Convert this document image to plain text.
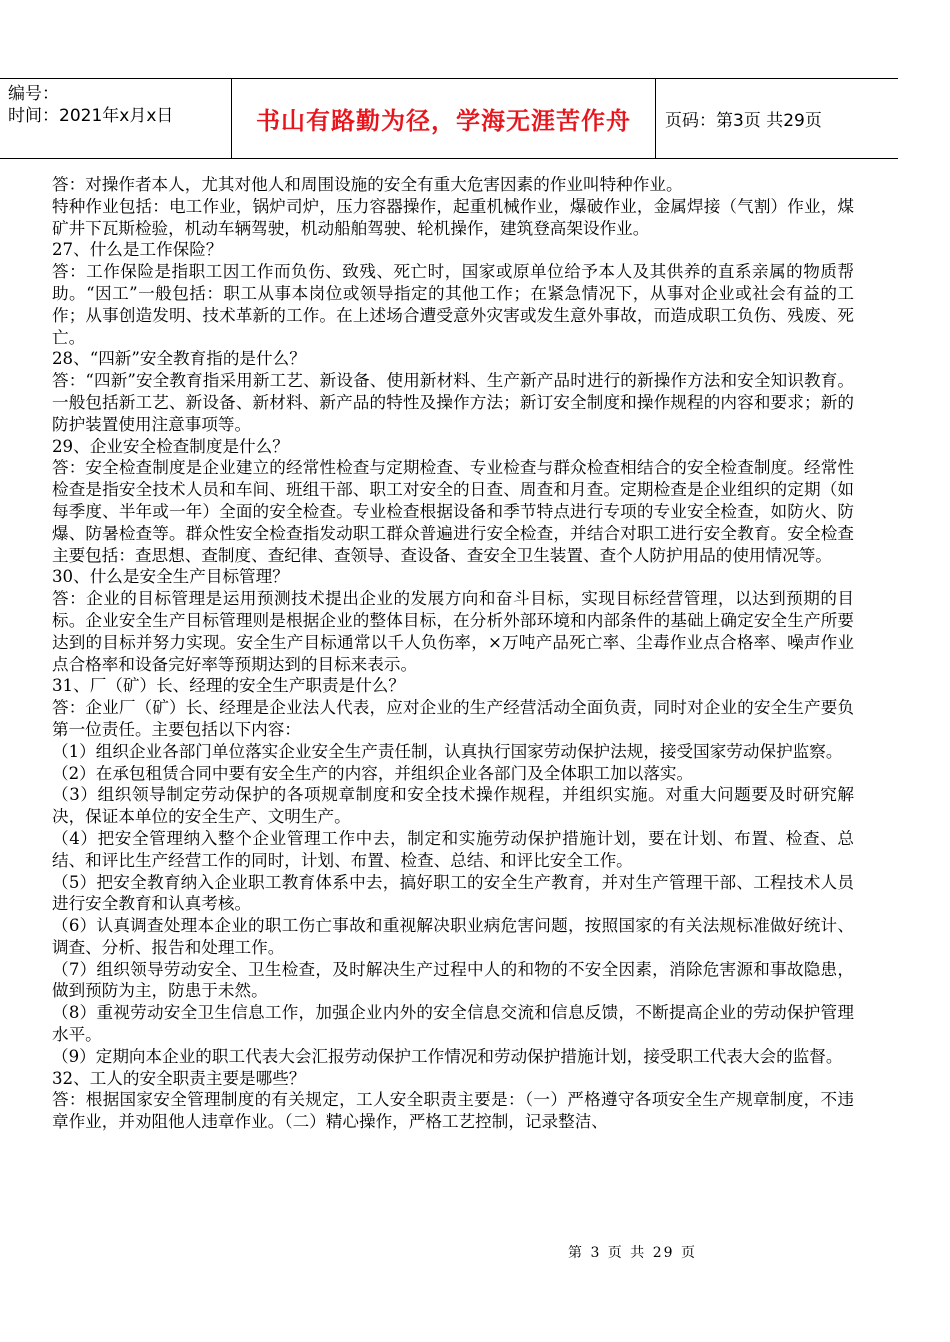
编号：
时间：2021年x月x日	书山有路勤为径，学海无涯苦作舟	页码：第3页 共29页

答：对操作者本人，尤其对他人和周围设施的安全有重大危害因素的作业叫特种作业。

特种作业包括：电工作业，锅炉司炉，压力容器操作，起重机械作业，爆破作业，金属焊接（气割）作业，煤矿井下瓦斯检验，机动车辆驾驶，机动船舶驾驶、轮机操作，建筑登高架设作业。

27、什么是工作保险？

答：工作保险是指职工因工作而负伤、致残、死亡时，国家或原单位给予本人及其供养的直系亲属的物质帮助。“因工”一般包括：职工从事本岗位或领导指定的其他工作；在紧急情况下，从事对企业或社会有益的工作；从事创造发明、技术革新的工作。在上述场合遭受意外灾害或发生意外事故，而造成职工负伤、残废、死亡。

28、“四新”安全教育指的是什么？

答：“四新”安全教育指采用新工艺、新设备、使用新材料、生产新产品时进行的新操作方法和安全知识教育。一般包括新工艺、新设备、新材料、新产品的特性及操作方法；新订安全制度和操作规程的内容和要求；新的防护装置使用注意事项等。

29、企业安全检查制度是什么？

答：安全检查制度是企业建立的经常性检查与定期检查、专业检查与群众检查相结合的安全检查制度。经常性检查是指安全技术人员和车间、班组干部、职工对安全的日查、周查和月查。定期检查是企业组织的定期（如每季度、半年或一年）全面的安全检查。专业检查根据设备和季节特点进行专项的专业安全检查，如防火、防爆、防暑检查等。群众性安全检查指发动职工群众普遍进行安全检查，并结合对职工进行安全教育。安全检查主要包括：查思想、查制度、查纪律、查领导、查设备、查安全卫生装置、查个人防护用品的使用情况等。

30、什么是安全生产目标管理？

答：企业的目标管理是运用预测技术提出企业的发展方向和奋斗目标，实现目标经营管理，以达到预期的目标。企业安全生产目标管理则是根据企业的整体目标，在分析外部环境和内部条件的基础上确定安全生产所要达到的目标并努力实现。安全生产目标通常以千人负伤率，×万吨产品死亡率、尘毒作业点合格率、噪声作业点合格率和设备完好率等预期达到的目标来表示。

31、厂（矿）长、经理的安全生产职责是什么？

答：企业厂（矿）长、经理是企业法人代表，应对企业的生产经营活动全面负责，同时对企业的安全生产要负第一位责任。主要包括以下内容：

（1）组织企业各部门单位落实企业安全生产责任制，认真执行国家劳动保护法规，接受国家劳动保护监察。

（2）在承包租赁合同中要有安全生产的内容，并组织企业各部门及全体职工加以落实。

（3）组织领导制定劳动保护的各项规章制度和安全技术操作规程，并组织实施。对重大问题要及时研究解决，保证本单位的安全生产、文明生产。

（4）把安全管理纳入整个企业管理工作中去，制定和实施劳动保护措施计划，要在计划、布置、检查、总结、和评比生产经营工作的同时，计划、布置、检查、总结、和评比安全工作。

（5）把安全教育纳入企业职工教育体系中去，搞好职工的安全生产教育，并对生产管理干部、工程技术人员进行安全教育和认真考核。

（6）认真调查处理本企业的职工伤亡事故和重视解决职业病危害问题，按照国家的有关法规标准做好统计、调查、分析、报告和处理工作。

（7）组织领导劳动安全、卫生检查，及时解决生产过程中人的和物的不安全因素，消除危害源和事故隐患，做到预防为主，防患于未然。

（8）重视劳动安全卫生信息工作，加强企业内外的安全信息交流和信息反馈，不断提高企业的劳动保护管理水平。

（9）定期向本企业的职工代表大会汇报劳动保护工作情况和劳动保护措施计划，接受职工代表大会的监督。

32、工人的安全职责主要是哪些？

答：根据国家安全管理制度的有关规定，工人安全职责主要是：（一）严格遵守各项安全生产规章制度，不违章作业，并劝阻他人违章作业。（二）精心操作，严格工艺控制，记录整洁、

第 3 页 共 29 页
